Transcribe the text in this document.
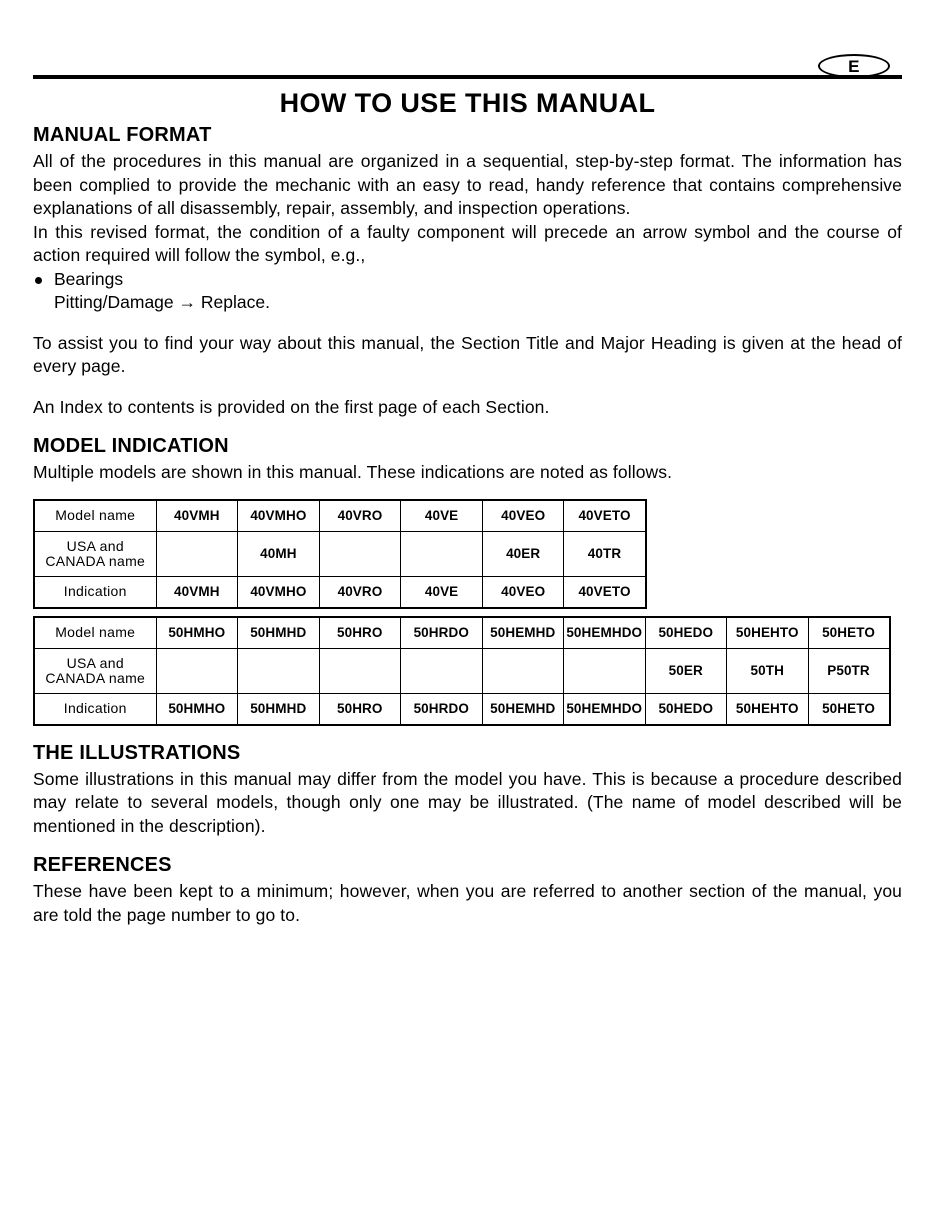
E
HOW TO USE THIS MANUAL
MANUAL FORMAT

All of the procedures in this manual are organized in a sequential, step-by-step format. The information has been complied to provide the mechanic with an easy to read, handy reference that contains comprehensive explanations of all disassembly, repair, assembly, and inspection operations.

In this revised format, the condition of a faulty component will precede an arrow symbol and the course of action required will follow the symbol, e.g.,

Bearings
Pitting/Damage → Replace.

To assist you to find your way about this manual, the Section Title and Major Heading is given at the head of every page.

An Index to contents is provided on the first page of each Section.

MODEL INDICATION

Multiple models are shown in this manual. These indications are noted as follows.

Model name	40VMH	40VMHO	40VRO	40VE	40VEO	40VETO
USA and
CANADA name		40MH			40ER	40TR
Indication	40VMH	40VMHO	40VRO	40VE	40VEO	40VETO
Model name	50HMHO	50HMHD	50HRO	50HRDO	50HEMHD	50HEMHDO	50HEDO	50HEHTO	50HETO
USA and
CANADA name							50ER	50TH	P50TR
Indication	50HMHO	50HMHD	50HRO	50HRDO	50HEMHD	50HEMHDO	50HEDO	50HEHTO	50HETO
THE ILLUSTRATIONS

Some illustrations in this manual may differ from the model you have. This is because a procedure described may relate to several models, though only one may be illustrated. (The name of model described will be mentioned in the description).

REFERENCES

These have been kept to a minimum; however, when you are referred to another section of the manual, you are told the page number to go to.
